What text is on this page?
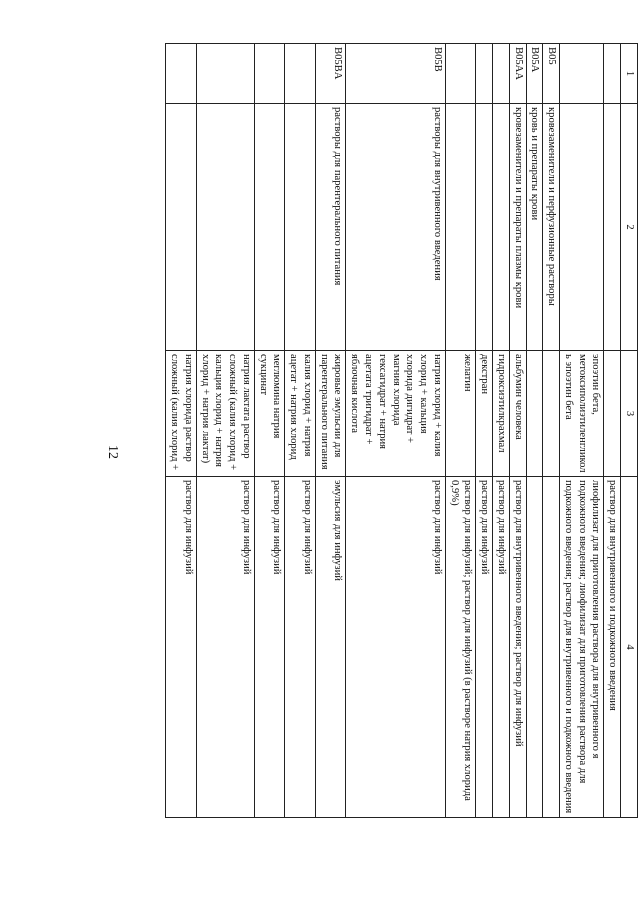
12
1	2	3	4
			раствор для внутривенного и подкожного введения
		эпоэтин бета, метоксиполиэтиленгликоль эпоэтин бета	лиофилизат для приготовления раствора для внутривенного я подкожного введения; лиофилизат для приготовления раствора для подкожного введения; раствор для внутривенного и подкожного введения
B05	кровезаменители и перфузионные растворы		
B05A	кровь и препараты крови		
B05AA	кровезаменители и препараты плазмы крови	альбумин человека	раствор для внутривенного введения; раствор для инфузий
		гидроксиэтилкрахмал	раствор для инфузий
		декстран	раствор для инфузий
		желатин	раствор для инфузий; раствор для инфузий (в растворе натрия хлорида 0,9%)
B05B	растворы для внутривенного введения	натрия хлорид + калия хлорид + кальция хлорида дигидрат + магния хлорида гексагидрат + натрия ацетата тригидрат + яблочная кислота	раствор для инфузий
B05BA	растворы для парентерального питания	жировые эмульсии для парентерального питания	эмульсия для инфузий
		калия хлорид + натрия ацетат + натрия хлорид	раствор для инфузий
		меглюмина натрия сукцинат	раствор для инфузий
		натрия лактата раствор сложный (калия хлорид + кальция хлорид + натрия хлорид + натрия лактат)	раствор для инфузий
		натрия хлорида раствор сложный (калия хлорид +	раствор для инфузий
